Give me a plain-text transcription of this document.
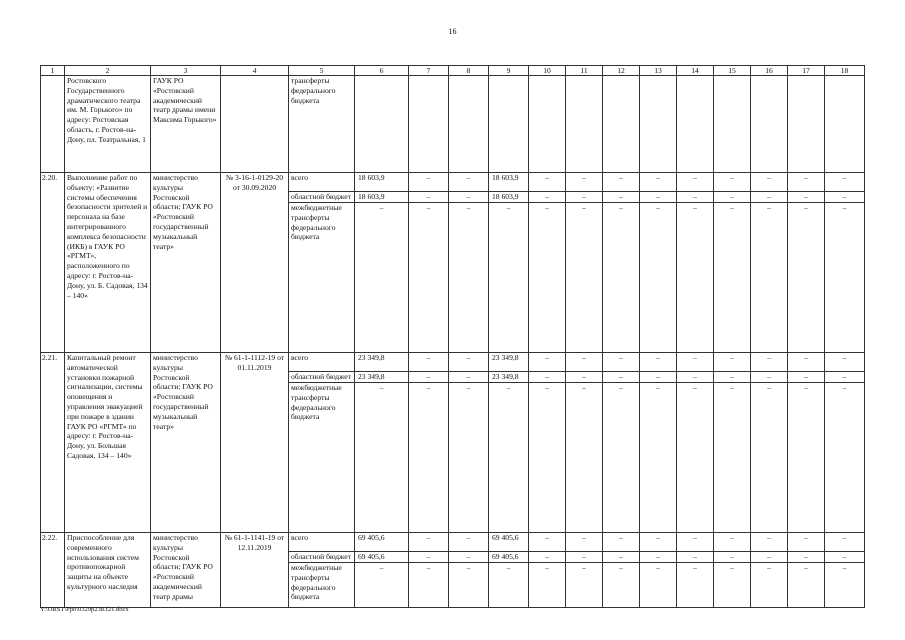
16
1	2	3	4	5	6	7	8	9	10	11	12	13	14	15	16	17	18
	Ростовского Государственного драматического театра им. М. Горького» по адресу: Ростовская область, г. Ростов-на-Дону, пл. Театральная, 1	ГАУК РО «Ростовский академический театр драмы имени Максима Горького»		трансферты федерального бюджета													
2.20.	Выполнение работ по объекту: «Развитие системы обеспечения безопасности зрителей и персонала на базе интегрированного комплекса безопасности (ИКБ) в ГАУК РО «РГМТ», расположенного по адресу: г. Ростов-на-Дону, ул. Б. Садовая, 134 – 140»	министерство культуры Ростовской области; ГАУК РО «Ростовский государственный музыкальный театр»	№ 3-16-1-0129-20 от 30.09.2020	всего	18 603,9	–	–	18 603,9	–	–	–	–	–	–	–	–	–
				областной бюджет	18 603,9	–	–	18 603,9	–	–	–	–	–	–	–	–	–
				межбюджетные трансферты федерального бюджета	–	–	–	–	–	–	–	–	–	–	–	–	–
2.21.	Капитальный ремонт автоматической установки пожарной сигнализации, системы оповещения и управления эвакуацией при пожаре в здании ГАУК РО «РГМТ» по адресу: г. Ростов-на-Дону, ул. Большая Садовая, 134 – 140»	министерство культуры Ростовской области; ГАУК РО «Ростовский государственный музыкальный театр»	№ 61-1-1112-19 от 01.11.2019	всего	23 349,8	–	–	23 349,8	–	–	–	–	–	–	–	–	–
				областной бюджет	23 349,8	–	–	23 349,8	–	–	–	–	–	–	–	–	–
				межбюджетные трансферты федерального бюджета	–	–	–	–	–	–	–	–	–	–	–	–	–
2.22.	Приспособление для современного использования систем противопожарной защиты на объекте культурного наследия	министерство культуры Ростовской области; ГАУК РО «Ростовский академический театр драмы	№ 61-1-1141-19 от 12.11.2019	всего	69 405,6	–	–	69 405,6	–	–	–	–	–	–	–	–	–
				областной бюджет	69 405,6	–	–	69 405,6	–	–	–	–	–	–	–	–	–
				межбюджетные трансферты федерального бюджета	–	–	–	–	–	–	–	–	–	–	–	–	–
Y:\ORST\Ppo\0329p238.f21.docx
